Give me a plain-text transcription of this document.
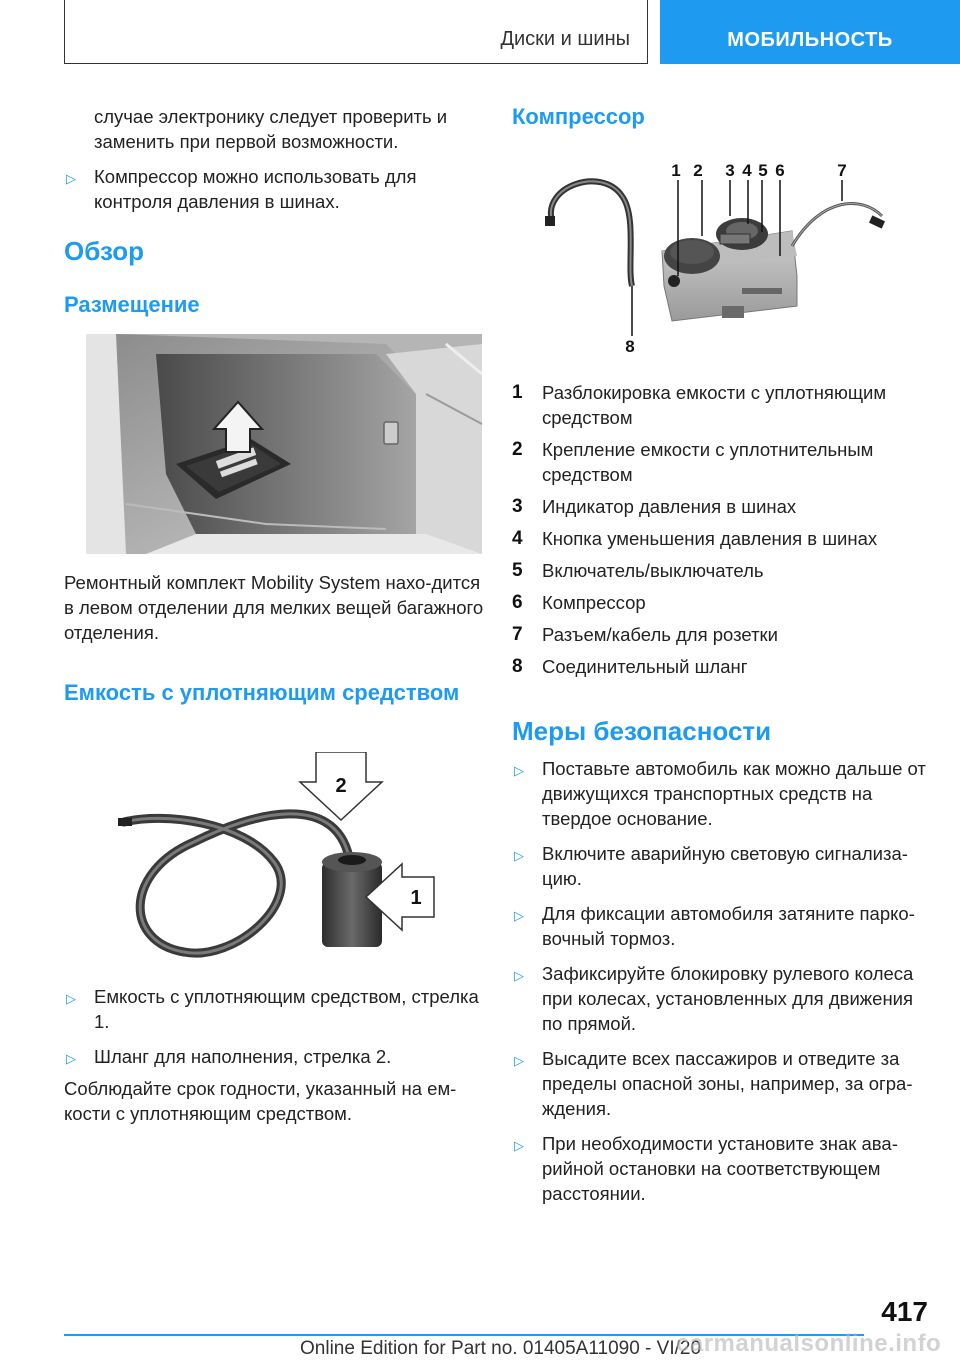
Диски и шины	МОБИЛЬНОСТЬ

случае электронику следует проверить и заменить при первой возможности.

▷ Компрессор можно использовать для контроля давления в шинах.
Обзор
Размещение

Ремонтный комплект Mobility System нахо‐дится в левом отделении для мелких вещей багажного отделения.

Емкость с уплотняющим средством
2
1
▷ Емкость с уплотняющим средством, стрелка 1.
▷ Шланг для наполнения, стрелка 2.

Соблюдайте срок годности, указанный на ем‐кости с уплотняющим средством.

Компрессор
1 2 3 4 5 6	7
8
1 Разблокировка емкости с уплотняющим средством
2 Крепление емкости с уплотнительным средством
3 Индикатор давления в шинах
4 Кнопка уменьшения давления в шинах
5 Включатель/выключатель
6 Компрессор
7 Разъем/кабель для розетки
8 Соединительный шланг
Меры безопасности
▷ Поставьте автомобиль как можно дальше от движущихся транспортных средств на твердое основание.
▷ Включите аварийную световую сигнализа‐цию.
▷ Для фиксации автомобиля затяните парко‐вочный тормоз.
▷ Зафиксируйте блокировку рулевого колеса при колесах, установленных для движения по прямой.
▷ Высадите всех пассажиров и отведите за пределы опасной зоны, например, за огра‐ждения.
▷ При необходимости установите знак ава‐рийной остановки на соответствующем расстоянии.
417
Online Edition for Part no. 01405A11090 - VI/20
carmanualsonline.info
